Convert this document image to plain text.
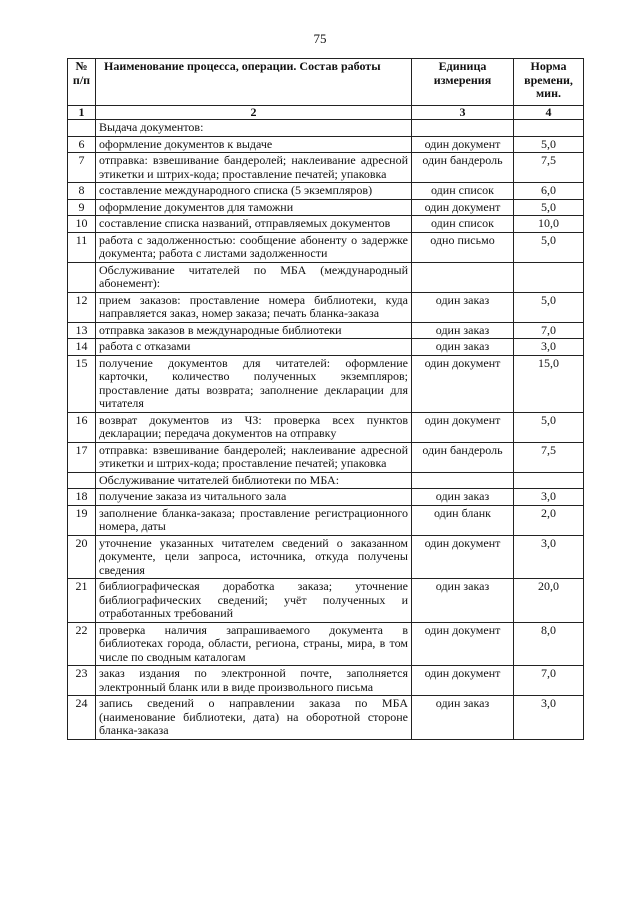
75
№ п/п	Наименование процесса, операции. Состав работы	Единица измерения	Норма времени, мин.
1	2	3	4
	Выдача документов:		
6	оформление документов к выдаче	один документ	5,0
7	отправка: взвешивание бандеролей; наклеивание адресной этикетки и штрих-кода; проставление печатей; упаковка	один бандероль	7,5
8	составление международного списка (5 экземпляров)	один список	6,0
9	оформление документов для таможни	один документ	5,0
10	составление списка названий, отправляемых документов	один список	10,0
11	работа с задолженностью: сообщение абоненту о задержке документа; работа с листами задолженности	одно письмо	5,0
	Обслуживание читателей по МБА (международный абонемент):		
12	прием заказов: проставление номера библиотеки, куда направляется заказ, номер заказа; печать бланка-заказа	один заказ	5,0
13	отправка заказов в международные библиотеки	один заказ	7,0
14	работа с отказами	один заказ	3,0
15	получение документов для читателей: оформление карточки, количество полученных экземпляров; проставление даты возврата; заполнение декларации для читателя	один документ	15,0
16	возврат документов из ЧЗ: проверка всех пунктов декларации; передача документов на отправку	один документ	5,0
17	отправка: взвешивание бандеролей; наклеивание адресной этикетки и штрих-кода; проставление печатей; упаковка	один бандероль	7,5
	Обслуживание читателей библиотеки по МБА:		
18	получение заказа из читального зала	один заказ	3,0
19	заполнение бланка-заказа; проставление регистрационного номера, даты	один бланк	2,0
20	уточнение указанных читателем сведений о заказанном документе, цели запроса, источника, откуда получены сведения	один документ	3,0
21	библиографическая доработка заказа; уточнение библиографических сведений; учёт полученных и отработанных требований	один заказ	20,0
22	проверка наличия запрашиваемого документа в библиотеках города, области, региона, страны, мира, в том числе по сводным каталогам	один документ	8,0
23	заказ издания по электронной почте, заполняется электронный бланк или в виде произвольного письма	один документ	7,0
24	запись сведений о направлении заказа по МБА (наименование библиотеки, дата) на оборотной стороне бланка-заказа	один заказ	3,0
